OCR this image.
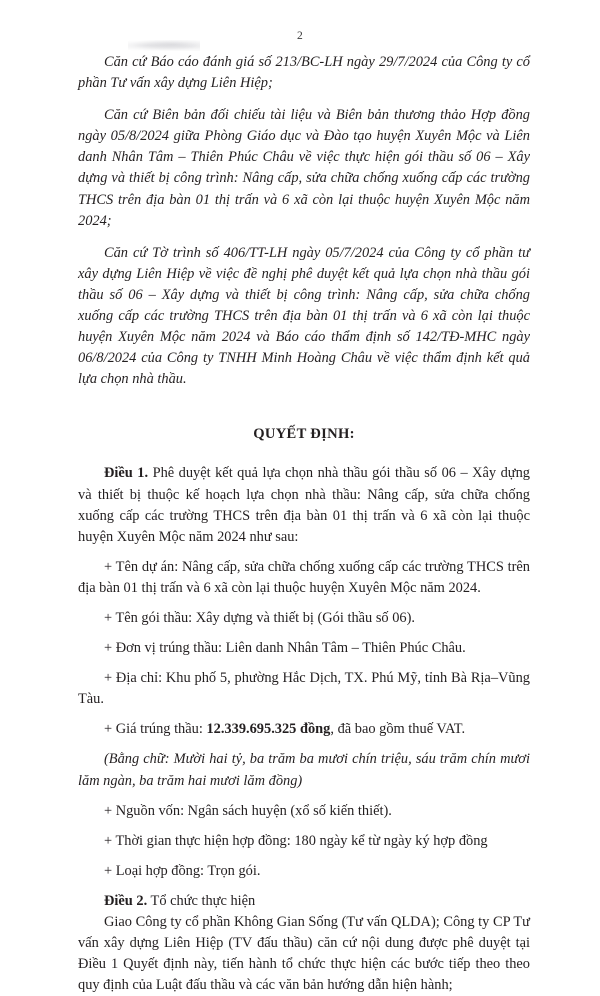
2

Căn cứ Báo cáo đánh giá số 213/BC-LH ngày 29/7/2024 của Công ty cổ phần Tư vấn xây dựng Liên Hiệp;

Căn cứ Biên bản đối chiếu tài liệu và Biên bản thương thảo Hợp đồng ngày 05/8/2024 giữa Phòng Giáo dục và Đào tạo huyện Xuyên Mộc và Liên danh Nhân Tâm – Thiên Phúc Châu về việc thực hiện gói thầu số 06 – Xây dựng và thiết bị công trình: Nâng cấp, sửa chữa chống xuống cấp các trường THCS trên địa bàn 01 thị trấn và 6 xã còn lại thuộc huyện Xuyên Mộc năm 2024;

Căn cứ Tờ trình số 406/TT-LH ngày 05/7/2024 của Công ty cổ phần tư xây dựng Liên Hiệp về việc đề nghị phê duyệt kết quả lựa chọn nhà thầu gói thầu số 06 – Xây dựng và thiết bị công trình: Nâng cấp, sửa chữa chống xuống cấp các trường THCS trên địa bàn 01 thị trấn và 6 xã còn lại thuộc huyện Xuyên Mộc năm 2024 và Báo cáo thẩm định số 142/TĐ-MHC ngày 06/8/2024 của Công ty TNHH Minh Hoàng Châu về việc thẩm định kết quả lựa chọn nhà thầu.

QUYẾT ĐỊNH:

Điều 1. Phê duyệt kết quả lựa chọn nhà thầu gói thầu số 06 – Xây dựng và thiết bị thuộc kế hoạch lựa chọn nhà thầu: Nâng cấp, sửa chữa chống xuống cấp các trường THCS trên địa bàn 01 thị trấn và 6 xã còn lại thuộc huyện Xuyên Mộc năm 2024 như sau:

+ Tên dự án: Nâng cấp, sửa chữa chống xuống cấp các trường THCS trên địa bàn 01 thị trấn và 6 xã còn lại thuộc huyện Xuyên Mộc năm 2024.

+ Tên gói thầu: Xây dựng và thiết bị (Gói thầu số 06).

+ Đơn vị trúng thầu: Liên danh Nhân Tâm – Thiên Phúc Châu.

+ Địa chỉ: Khu phố 5, phường Hắc Dịch, TX. Phú Mỹ, tỉnh Bà Rịa–Vũng Tàu.

+ Giá trúng thầu: 12.339.695.325 đồng, đã bao gồm thuế VAT.

(Bằng chữ: Mười hai tỷ, ba trăm ba mươi chín triệu, sáu trăm chín mươi lăm ngàn, ba trăm hai mươi lăm đồng)

+ Nguồn vốn: Ngân sách huyện (xổ số kiến thiết).

+ Thời gian thực hiện hợp đồng: 180 ngày kể từ ngày ký hợp đồng

+ Loại hợp đồng: Trọn gói.

Điều 2. Tổ chức thực hiện

Giao Công ty cổ phần Không Gian Sống (Tư vấn QLDA); Công ty CP Tư vấn xây dựng Liên Hiệp (TV đấu thầu) căn cứ nội dung được phê duyệt tại Điều 1 Quyết định này, tiến hành tổ chức thực hiện các bước tiếp theo theo quy định của Luật đấu thầu và các văn bản hướng dẫn hiện hành;
